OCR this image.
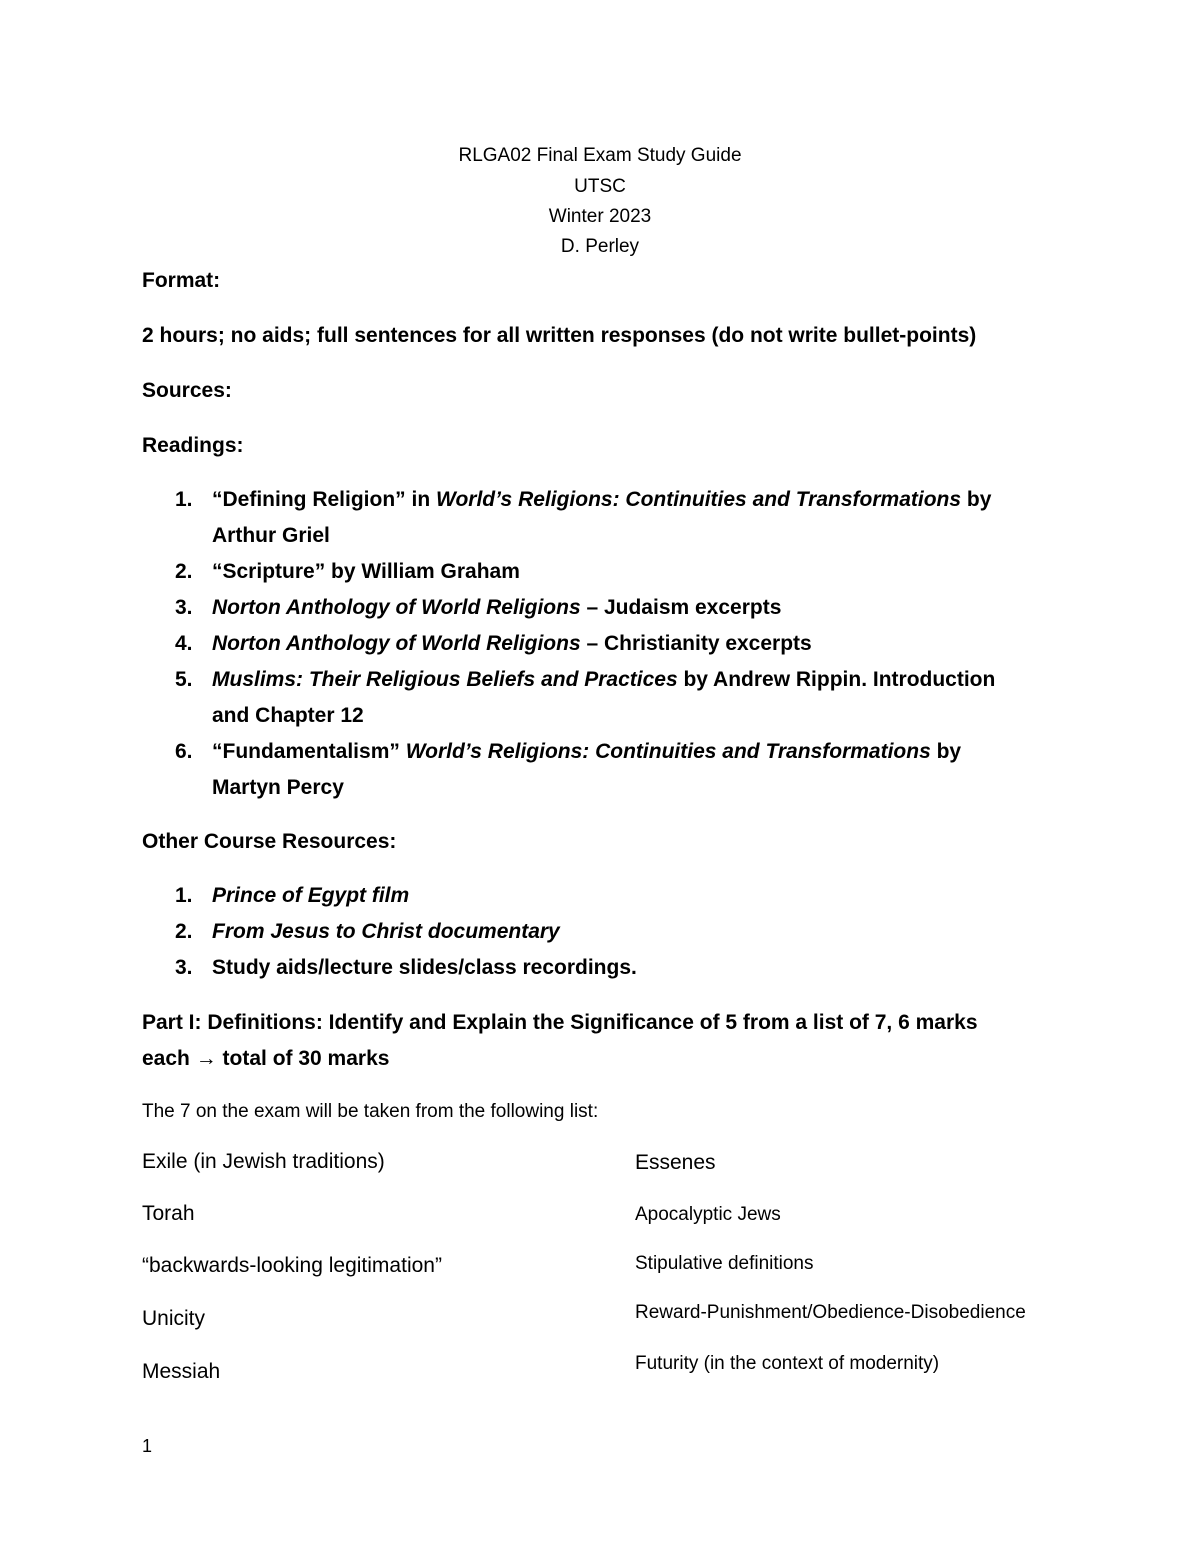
RLGA02 Final Exam Study Guide
UTSC
Winter 2023
D. Perley
Format:
2 hours; no aids; full sentences for all written responses (do not write bullet-points)
Sources:
Readings:
1. “Defining Religion” in World’s Religions: Continuities and Transformations by
Arthur Griel
2. “Scripture” by William Graham
3. Norton Anthology of World Religions – Judaism excerpts
4. Norton Anthology of World Religions – Christianity excerpts
5. Muslims: Their Religious Beliefs and Practices by Andrew Rippin. Introduction
and Chapter 12
6. “Fundamentalism” World’s Religions: Continuities and Transformations by
Martyn Percy
Other Course Resources:
1. Prince of Egypt film
2. From Jesus to Christ documentary
3. Study aids/lecture slides/class recordings.
Part I: Definitions: Identify and Explain the Significance of 5 from a list of 7, 6 marks
each → total of 30 marks
The 7 on the exam will be taken from the following list:
Exile (in Jewish traditions)
Torah
“backwards-looking legitimation”
Unicity
Messiah
Essenes
Apocalyptic Jews
Stipulative definitions
Reward-Punishment/Obedience-Disobedience
Futurity (in the context of modernity)
1
